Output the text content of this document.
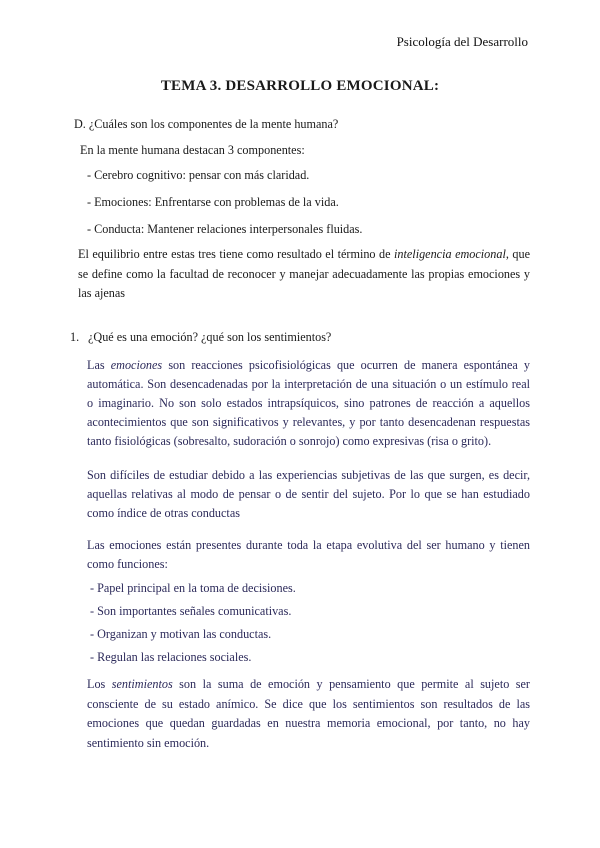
Psicología del Desarrollo
TEMA 3. DESARROLLO EMOCIONAL:
D. ¿Cuáles son los componentes de la mente humana?
En la mente humana destacan 3 componentes:
- Cerebro cognitivo: pensar con más claridad.
- Emociones: Enfrentarse con problemas de la vida.
- Conducta: Mantener relaciones interpersonales fluidas.
El equilibrio entre estas tres tiene como resultado el término de inteligencia emocional, que se define como la facultad de reconocer y manejar adecuadamente las propias emociones y las ajenas
1. ¿Qué es una emoción? ¿qué son los sentimientos?
Las emociones son reacciones psicofisiológicas que ocurren de manera espontánea y automática. Son desencadenadas por la interpretación de una situación o un estímulo real o imaginario. No son solo estados intrapsíquicos, sino patrones de reacción a aquellos acontecimientos que son significativos y relevantes, y por tanto desencadenan respuestas tanto fisiológicas (sobresalto, sudoración o sonrojo) como expresivas (risa o grito).
Son difíciles de estudiar debido a las experiencias subjetivas de las que surgen, es decir, aquellas relativas al modo de pensar o de sentir del sujeto. Por lo que se han estudiado como índice de otras conductas
Las emociones están presentes durante toda la etapa evolutiva del ser humano y tienen como funciones:
- Papel principal en la toma de decisiones.
- Son importantes señales comunicativas.
- Organizan y motivan las conductas.
- Regulan las relaciones sociales.
Los sentimientos son la suma de emoción y pensamiento que permite al sujeto ser consciente de su estado anímico. Se dice que los sentimientos son resultados de las emociones que quedan guardadas en nuestra memoria emocional, por tanto, no hay sentimiento sin emoción.
